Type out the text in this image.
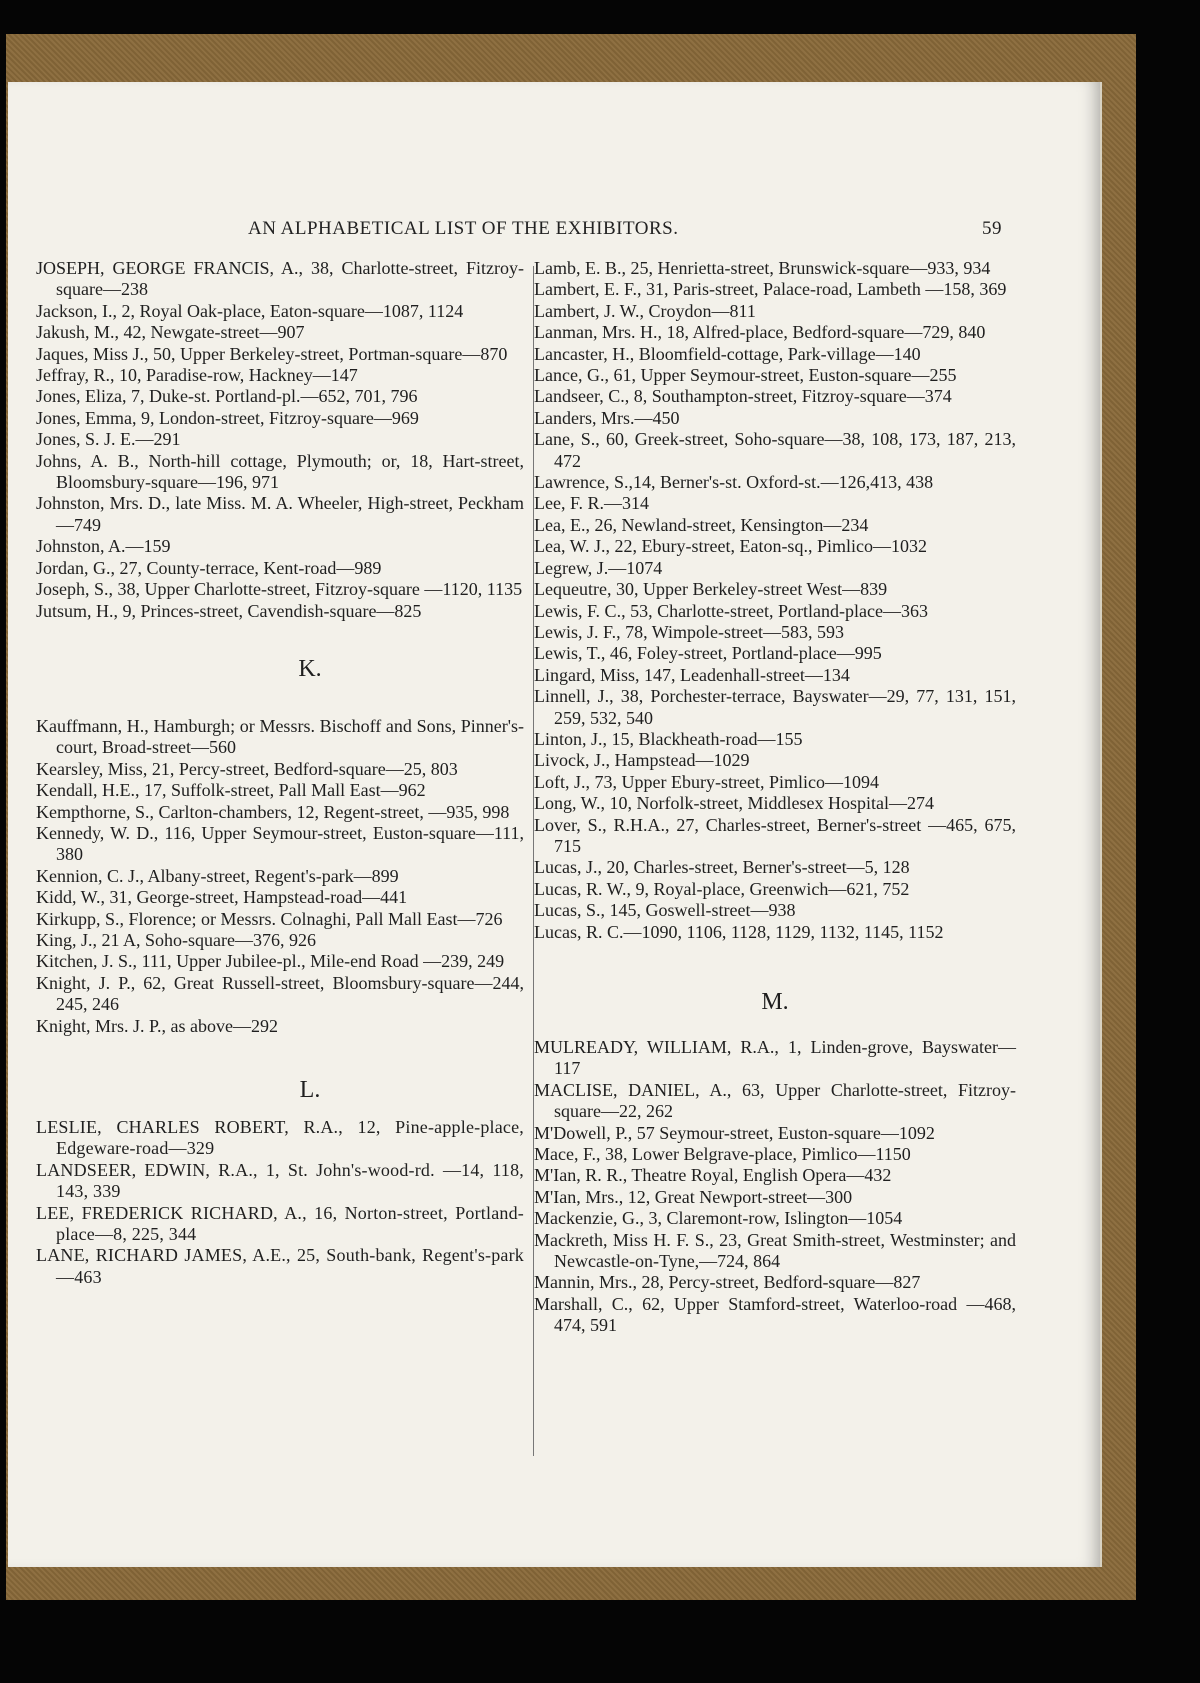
AN ALPHABETICAL LIST OF THE EXHIBITORS.	59
JOSEPH, GEORGE FRANCIS, A., 38, Charlotte-street, Fitzroy-square—238
Jackson, I., 2, Royal Oak-place, Eaton-square—1087, 1124
Jakush, M., 42, Newgate-street—907
Jaques, Miss J., 50, Upper Berkeley-street, Portman-square—870
Jeffray, R., 10, Paradise-row, Hackney—147
Jones, Eliza, 7, Duke-st. Portland-pl.—652, 701, 796
Jones, Emma, 9, London-street, Fitzroy-square—969
Jones, S. J. E.—291
Johns, A. B., North-hill cottage, Plymouth; or, 18, Hart-street, Bloomsbury-square—196, 971
Johnston, Mrs. D., late Miss. M. A. Wheeler, High-street, Peckham—749
Johnston, A.—159
Jordan, G., 27, County-terrace, Kent-road—989
Joseph, S., 38, Upper Charlotte-street, Fitzroy-square —1120, 1135
Jutsum, H., 9, Princes-street, Cavendish-square—825
K.
Kauffmann, H., Hamburgh; or Messrs. Bischoff and Sons, Pinner's-court, Broad-street—560
Kearsley, Miss, 21, Percy-street, Bedford-square—25, 803
Kendall, H.E., 17, Suffolk-street, Pall Mall East—962
Kempthorne, S., Carlton-chambers, 12, Regent-street, —935, 998
Kennedy, W. D., 116, Upper Seymour-street, Euston-square—111, 380
Kennion, C. J., Albany-street, Regent's-park—899
Kidd, W., 31, George-street, Hampstead-road—441
Kirkupp, S., Florence; or Messrs. Colnaghi, Pall Mall East—726
King, J., 21 A, Soho-square—376, 926
Kitchen, J. S., 111, Upper Jubilee-pl., Mile-end Road —239, 249
Knight, J. P., 62, Great Russell-street, Bloomsbury-square—244, 245, 246
Knight, Mrs. J. P., as above—292
L.
LESLIE, CHARLES ROBERT, R.A., 12, Pine-apple-place, Edgeware-road—329
LANDSEER, EDWIN, R.A., 1, St. John's-wood-rd. —14, 118, 143, 339
LEE, FREDERICK RICHARD, A., 16, Norton-street, Portland-place—8, 225, 344
LANE, RICHARD JAMES, A.E., 25, South-bank, Regent's-park—463
Lamb, E. B., 25, Henrietta-street, Brunswick-square—933, 934
Lambert, E. F., 31, Paris-street, Palace-road, Lambeth —158, 369
Lambert, J. W., Croydon—811
Lanman, Mrs. H., 18, Alfred-place, Bedford-square—729, 840
Lancaster, H., Bloomfield-cottage, Park-village—140
Lance, G., 61, Upper Seymour-street, Euston-square—255
Landseer, C., 8, Southampton-street, Fitzroy-square—374
Landers, Mrs.—450
Lane, S., 60, Greek-street, Soho-square—38, 108, 173, 187, 213, 472
Lawrence, S.,14, Berner's-st. Oxford-st.—126,413, 438
Lee, F. R.—314
Lea, E., 26, Newland-street, Kensington—234
Lea, W. J., 22, Ebury-street, Eaton-sq., Pimlico—1032
Legrew, J.—1074
Lequeutre, 30, Upper Berkeley-street West—839
Lewis, F. C., 53, Charlotte-street, Portland-place—363
Lewis, J. F., 78, Wimpole-street—583, 593
Lewis, T., 46, Foley-street, Portland-place—995
Lingard, Miss, 147, Leadenhall-street—134
Linnell, J., 38, Porchester-terrace, Bayswater—29, 77, 131, 151, 259, 532, 540
Linton, J., 15, Blackheath-road—155
Livock, J., Hampstead—1029
Loft, J., 73, Upper Ebury-street, Pimlico—1094
Long, W., 10, Norfolk-street, Middlesex Hospital—274
Lover, S., R.H.A., 27, Charles-street, Berner's-street —465, 675, 715
Lucas, J., 20, Charles-street, Berner's-street—5, 128
Lucas, R. W., 9, Royal-place, Greenwich—621, 752
Lucas, S., 145, Goswell-street—938
Lucas, R. C.—1090, 1106, 1128, 1129, 1132, 1145, 1152
M.
MULREADY, WILLIAM, R.A., 1, Linden-grove, Bayswater—117
MACLISE, DANIEL, A., 63, Upper Charlotte-street, Fitzroy-square—22, 262
M'Dowell, P., 57 Seymour-street, Euston-square—1092
Mace, F., 38, Lower Belgrave-place, Pimlico—1150
M'Ian, R. R., Theatre Royal, English Opera—432
M'Ian, Mrs., 12, Great Newport-street—300
Mackenzie, G., 3, Claremont-row, Islington—1054
Mackreth, Miss H. F. S., 23, Great Smith-street, Westminster; and Newcastle-on-Tyne,—724, 864
Mannin, Mrs., 28, Percy-street, Bedford-square—827
Marshall, C., 62, Upper Stamford-street, Waterloo-road —468, 474, 591
